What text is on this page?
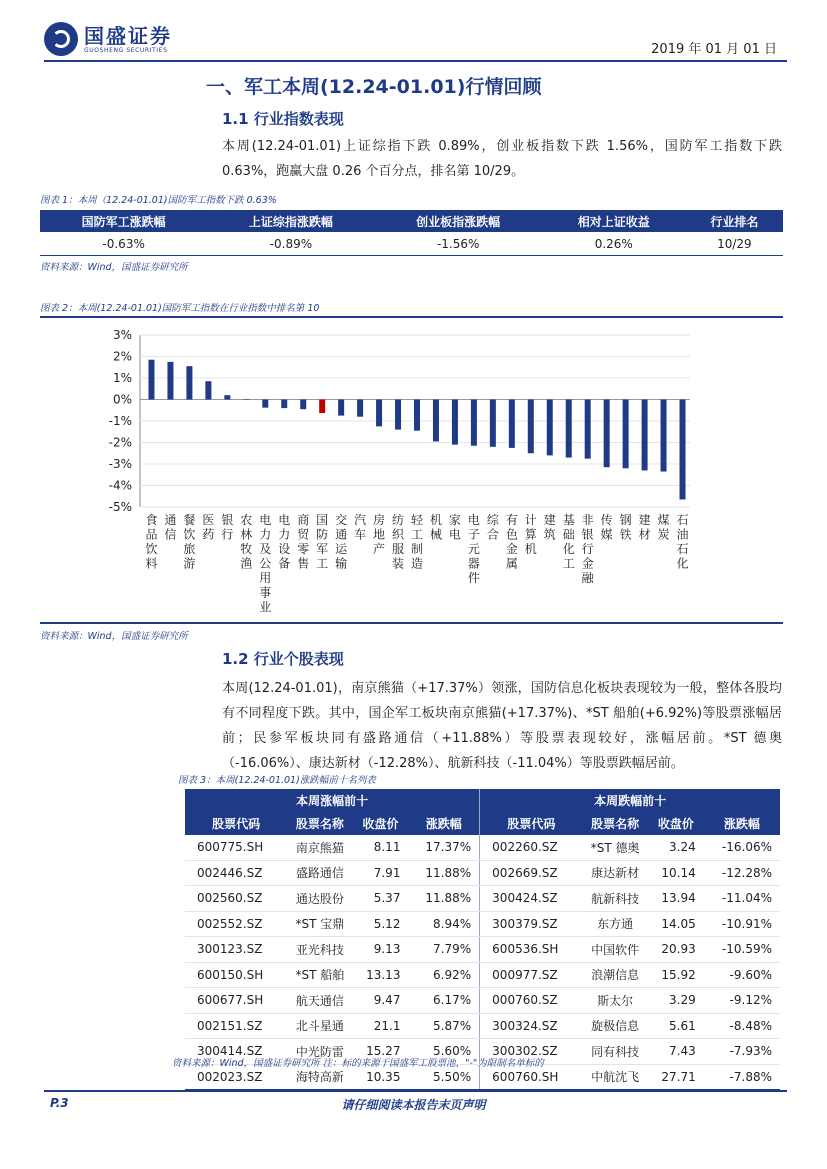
国盛证券
GUOSHENG SECURITIES	2019 年 01 月 01 日
一、军工本周(12.24-01.01)行情回顾
1.1 行业指数表现
本周(12.24-01.01)上证综指下跌 0.89%，创业板指数下跌 1.56%，国防军工指数下跌 0.63%，跑赢大盘 0.26 个百分点，排名第 10/29。
图表 1：本周（12.24-01.01)国防军工指数下跌 0.63%
国防军工涨跌幅	上证综指涨跌幅	创业板指涨跌幅	相对上证收益	行业排名
-0.63%	-0.89%	-1.56%	0.26%	10/29
资料来源：Wind，国盛证券研究所
图表 2：本周(12.24-01.01)国防军工指数在行业指数中排名第 10
3%
2%
1%
0%
-1%
-2%
-3%
-4%
-5%
食品饮料
通信
餐饮旅游
医药
银行
农林牧渔
电力及公用事业
电力设备
商贸零售
国防军工
交通运输
汽车
房地产
纺织服装
轻工制造
机械
家电
电子元器件
综合
有色金属
计算机
建筑
基础化工
非银行金融
传媒
钢铁
建材
煤炭
石油石化
资料来源：Wind，国盛证券研究所
1.2 行业个股表现
本周(12.24-01.01)，南京熊猫（+17.37%）领涨，国防信息化板块表现较为一般，整体各股均有不同程度下跌。其中，国企军工板块南京熊猫(+17.37%)、*ST 船舶(+6.92%)等股票涨幅居前；民参军板块同有盛路通信（+11.88%）等股票表现较好，涨幅居前。*ST 德奥（-16.06%）、康达新材（-12.28%）、航新科技（-11.04%）等股票跌幅居前。
图表 3：本周(12.24-01.01)涨跌幅前十名列表
本周涨幅前十				本周跌幅前十			
股票代码	股票名称	收盘价	涨跌幅	股票代码	股票名称	收盘价	涨跌幅
600775.SH	南京熊猫	8.11	17.37%	002260.SZ	*ST 德奥	3.24	-16.06%
002446.SZ	盛路通信	7.91	11.88%	002669.SZ	康达新材	10.14	-12.28%
002560.SZ	通达股份	5.37	11.88%	300424.SZ	航新科技	13.94	-11.04%
002552.SZ	*ST 宝鼎	5.12	8.94%	300379.SZ	东方通	14.05	-10.91%
300123.SZ	亚光科技	9.13	7.79%	600536.SH	中国软件	20.93	-10.59%
600150.SH	*ST 船舶	13.13	6.92%	000977.SZ	浪潮信息	15.92	-9.60%
600677.SH	航天通信	9.47	6.17%	000760.SZ	斯太尔	3.29	-9.12%
002151.SZ	北斗星通	21.1	5.87%	300324.SZ	旋极信息	5.61	-8.48%
300414.SZ	中光防雷	15.27	5.60%	300302.SZ	同有科技	7.43	-7.93%
002023.SZ	海特高新	10.35	5.50%	600760.SH	中航沈飞	27.71	-7.88%
资料来源：Wind，国盛证券研究所 注：标的来源于国盛军工股票池，"-"为限制名单标的
P.3	请仔细阅读本报告末页声明
